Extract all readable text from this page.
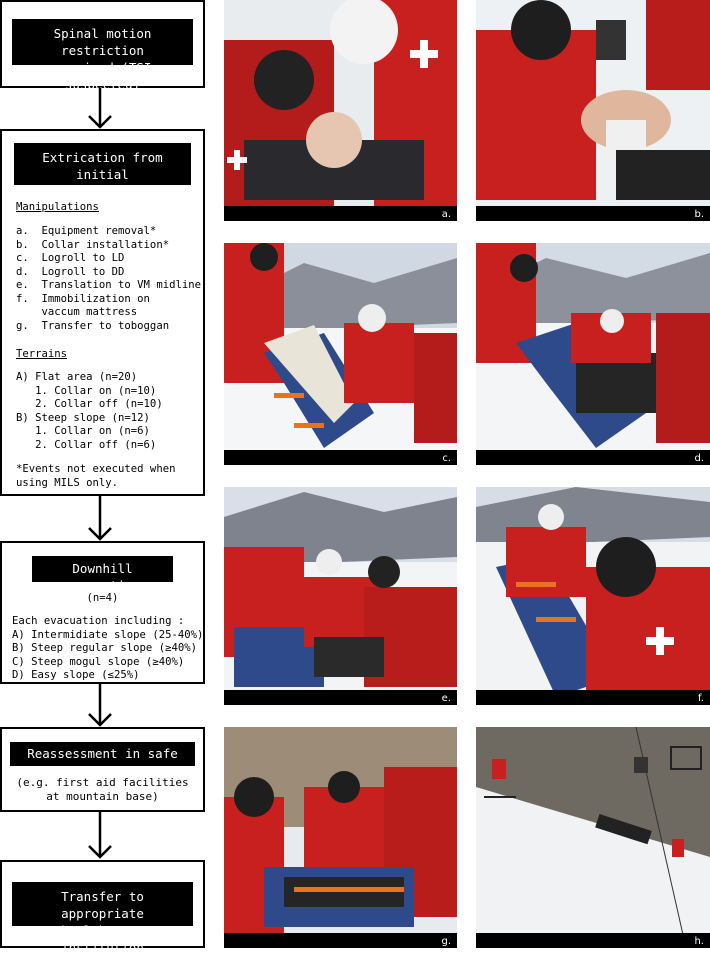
Spinal motion restriction
required (TSI suspected)
Extrication from initial
trauma location
Manipulations
a.  Equipment removal*
b.  Collar installation*
c.  Logroll to LD
d.  Logroll to DD
e.  Translation to VM midline
f.  Immobilization on
vaccum mattress
g.  Transfer to toboggan
Terrains
A) Flat area (n=20)
1. Collar on (n=10)
2. Collar off (n=10)
B) Steep slope (n=12)
1. Collar on (n=6)
2. Collar off (n=6)
*Events not executed when
using MILS only.
Downhill evacuation
(n=4)
Each evacuation including :
A) Intermidiate slope (25-40%)
B) Steep regular slope (≥40%)
C) Steep mogul slope (≥40%)
D) Easy slope (≤25%)
Reassessment in safe zone
(e.g. first aid facilities
at mountain base)
Transfer to appropriate
health care institution
a.	b.
c.	d.
e.	f.
g.	h.
